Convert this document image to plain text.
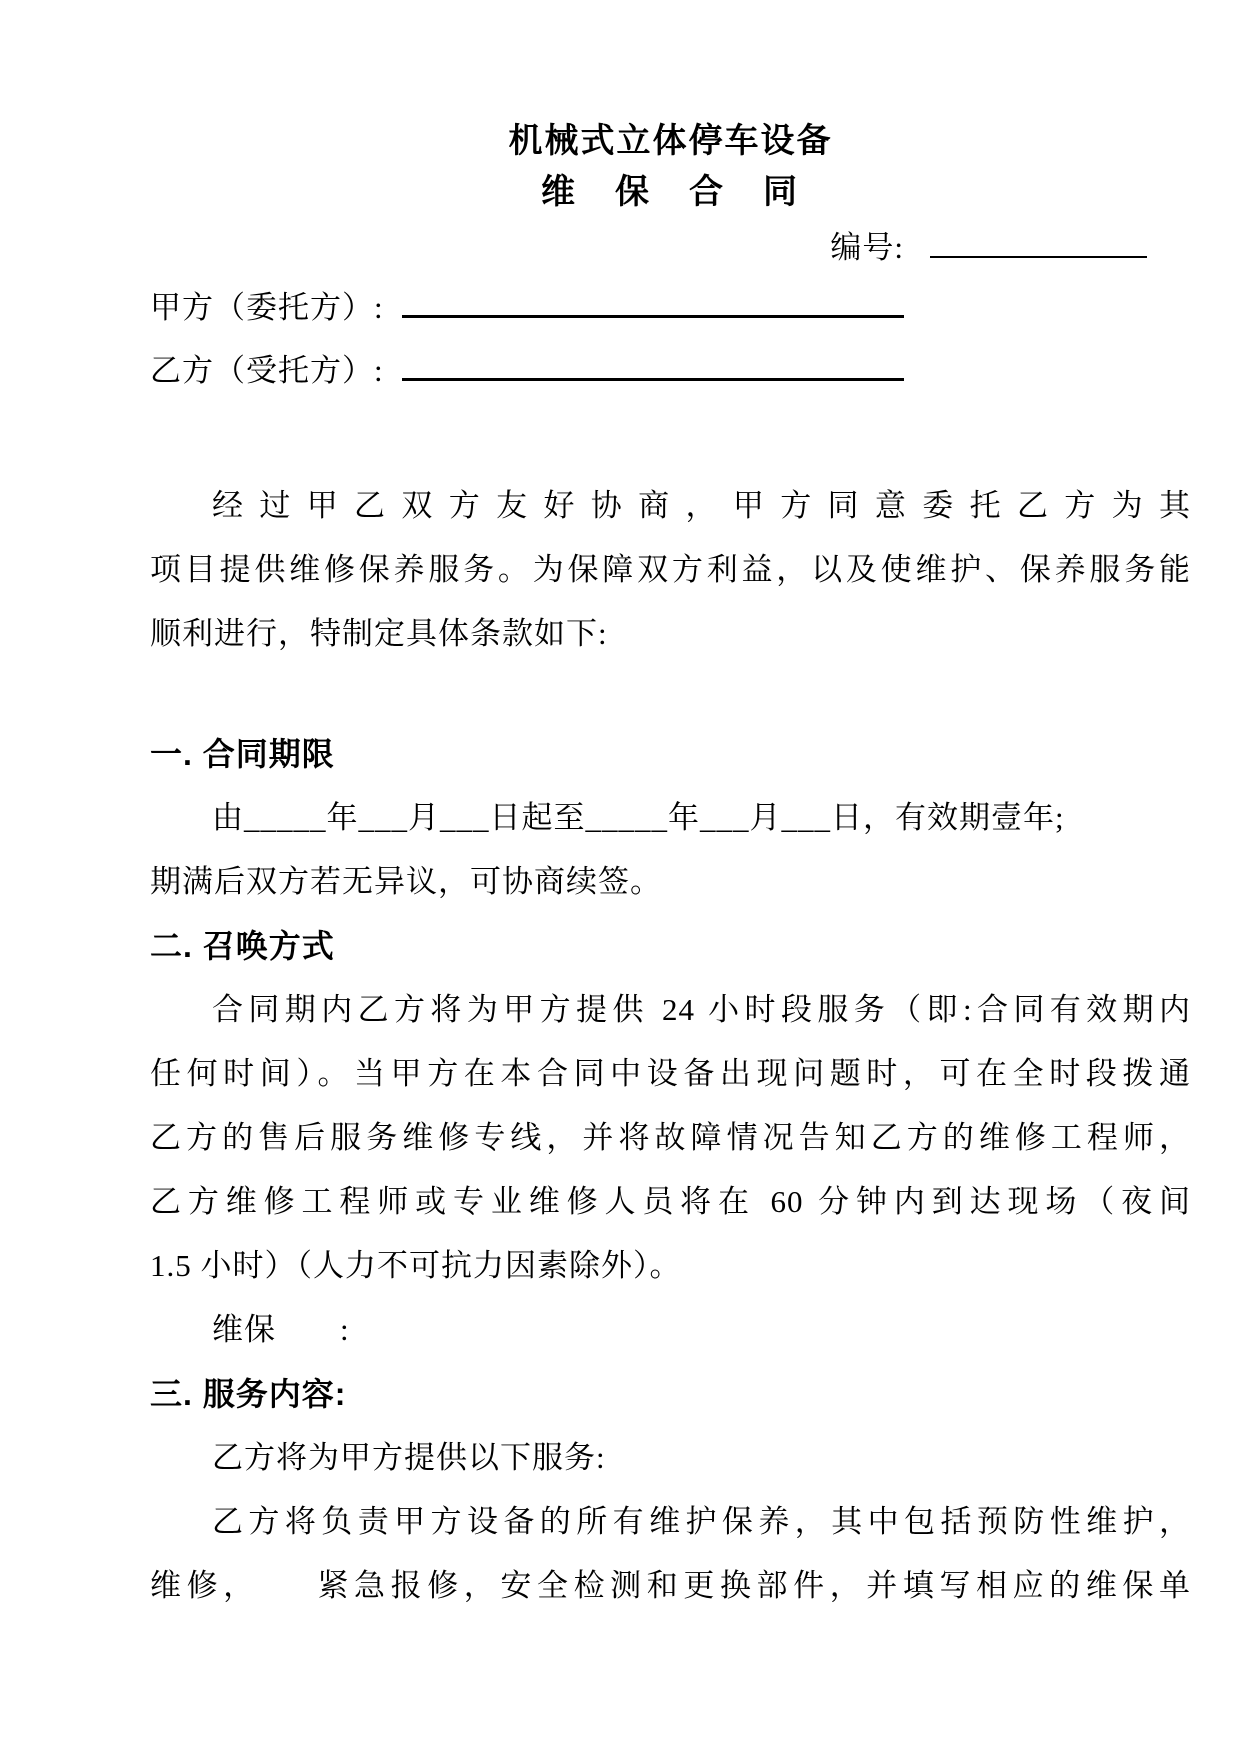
机械式立体停车设备
维　保　合　同
编号:
甲方（委托方）:
乙方（受托方）:
经过甲乙双方友好协商，甲方同意委托乙方为其
项目提供维修保养服务。为保障双方利益，以及使维护、保养服务能
顺利进行，特制定具体条款如下:
一. 合同期限
由_____年___月___日起至_____年___月___日，有效期壹年;
期满后双方若无异议，可协商续签。
二. 召唤方式
合同期内乙方将为甲方提供 24 小时段服务（即:合同有效期内
任何时间）。当甲方在本合同中设备出现问题时，可在全时段拨通
乙方的售后服务维修专线，并将故障情况告知乙方的维修工程师，
乙方维修工程师或专业维修人员将在 60 分钟内到达现场（夜间
1.5 小时）（人力不可抗力因素除外）。
维保　　:
三. 服务内容:
乙方将为甲方提供以下服务:
乙方将负责甲方设备的所有维护保养，其中包括预防性维护，
维修，　　紧急报修，安全检测和更换部件，并填写相应的维保单
